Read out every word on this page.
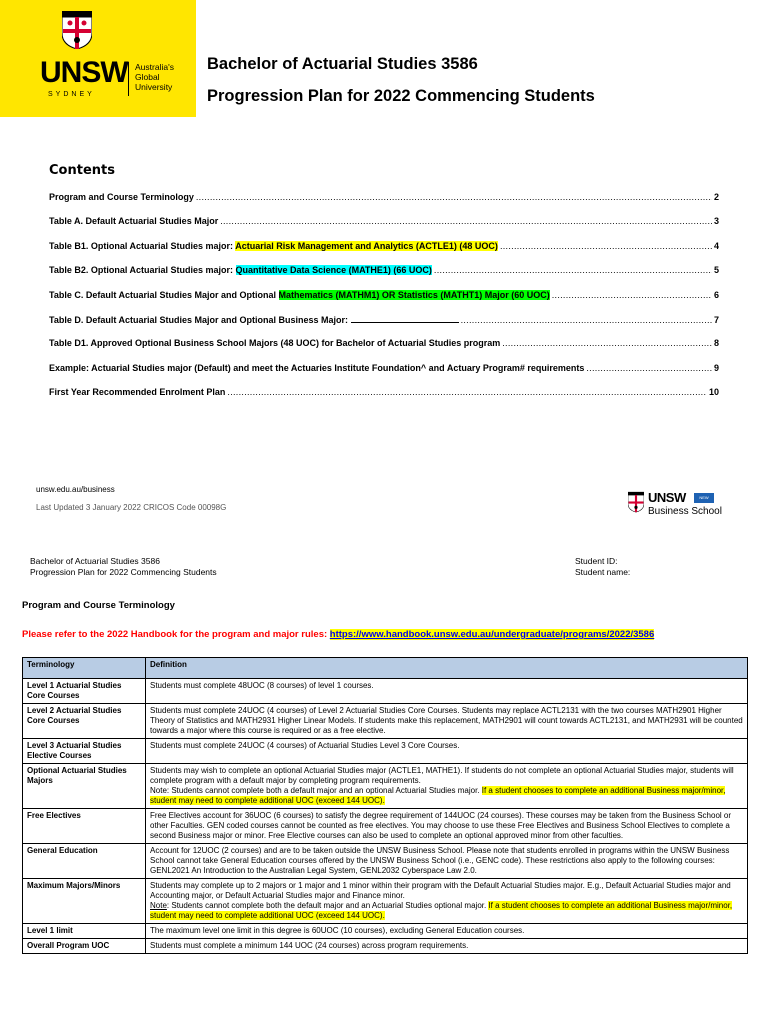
UNSW
SYDNEY
Australia's
Global
University
Bachelor of Actuarial Studies 3586
Progression Plan for 2022 Commencing Students
Contents
Program and Course Terminology .....	2
Table A. Default Actuarial Studies Major .....	3
Table B1. Optional Actuarial Studies major: Actuarial Risk Management and Analytics (ACTLE1) (48 UOC) .....	4
Table B2. Optional Actuarial Studies major: Quantitative Data Science (MATHE1) (66 UOC) .....	5
Table C. Default Actuarial Studies Major and Optional Mathematics (MATHM1) OR Statistics (MATHT1) Major (60 UOC) .....	6
Table D. Default Actuarial Studies Major and Optional Business Major: .....	7
Table D1. Approved Optional Business School Majors (48 UOC) for Bachelor of Actuarial Studies program .....	8
Example: Actuarial Studies major (Default) and meet the Actuaries Institute Foundation^ and Actuary Program# requirements .....	9
First Year Recommended Enrolment Plan .....	10
unsw.edu.au/business
Last Updated 3 January 2022 CRICOS Code 00098G
UNSW	NEW
Business School
Bachelor of Actuarial Studies 3586
Progression Plan for 2022 Commencing Students
Student ID:
Student name:
Program and Course Terminology
Please refer to the 2022 Handbook for the program and major rules: https://www.handbook.unsw.edu.au/undergraduate/programs/2022/3586
Terminology	Definition
Level 1 Actuarial Studies Core Courses	Students must complete 48UOC (8 courses) of level 1 courses.
Level 2 Actuarial Studies Core Courses	Students must complete 24UOC (4 courses) of Level 2 Actuarial Studies Core Courses. Students may replace ACTL2131 with the two courses MATH2901 Higher Theory of Statistics and MATH2931 Higher Linear Models. If students make this replacement, MATH2901 will count towards ACTL2131, and MATH2931 will be counted towards a major where this course is required or as a free elective.
Level 3 Actuarial Studies Elective Courses	Students must complete 24UOC (4 courses) of Actuarial Studies Level 3 Core Courses.
Optional Actuarial Studies Majors	Students may wish to complete an optional Actuarial Studies major (ACTLE1, MATHE1). If students do not complete an optional Actuarial Studies major, students will complete program with a default major by completing program requirements.
Note: Students cannot complete both a default major and an optional Actuarial Studies major. If a student chooses to complete an additional Business major/minor, student may need to complete additional UOC (exceed 144 UOC).

Free Electives	Free Electives account for 36UOC (6 courses) to satisfy the degree requirement of 144UOC (24 courses). These courses may be taken from the Business School or other Faculties. GEN coded courses cannot be counted as free electives. You may choose to use these Free Electives and Business School Electives to complete a second Business major or minor. Free Elective courses can also be used to complete an optional approved minor from other faculties.
General Education	Account for 12UOC (2 courses) and are to be taken outside the UNSW Business School. Please note that students enrolled in programs within the UNSW Business School cannot take General Education courses offered by the UNSW Business School (i.e., GENC code). These restrictions also apply to the following courses: GENL2021 An Introduction to the Australian Legal System, GENL2032 Cyberspace Law 2.0.
Maximum Majors/Minors	Students may complete up to 2 majors or 1 major and 1 minor within their program with the Default Actuarial Studies major. E.g., Default Actuarial Studies major and Accounting major, or Default Actuarial Studies major and Finance minor.
Note: Students cannot complete both the default major and an Actuarial Studies optional major. If a student chooses to complete an additional Business major/minor, student may need to complete additional UOC (exceed 144 UOC).

Level 1 limit	The maximum level one limit in this degree is 60UOC (10 courses), excluding General Education courses.
Overall Program UOC	Students must complete a minimum 144 UOC (24 courses) across program requirements.
